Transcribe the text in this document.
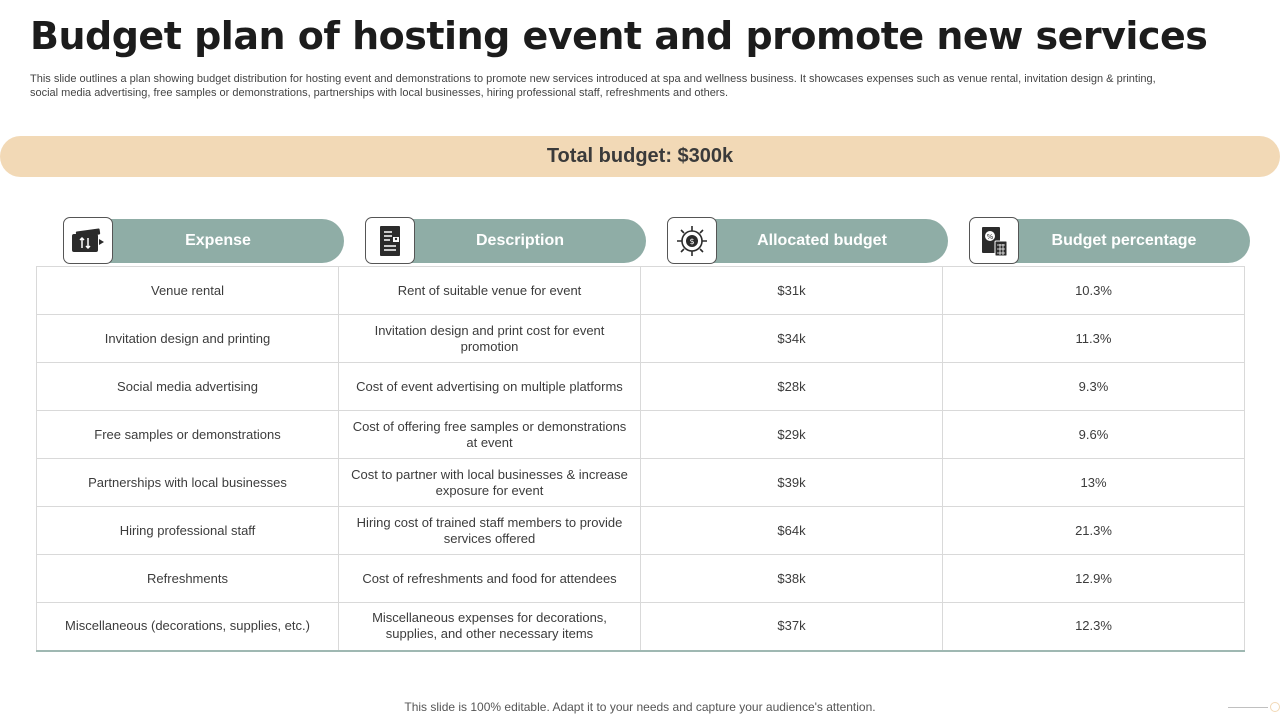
Budget plan of hosting event and promote new services

This slide outlines a plan showing budget distribution for hosting event and demonstrations to promote new services introduced at spa and wellness business. It showcases expenses such as venue rental, invitation design & printing, social media advertising, free samples or demonstrations, partnerships with local businesses, hiring professional staff, refreshments and others.

Total budget: $300k
Expense	Description	Allocated budget	Budget percentage
$	%
Venue rental	Rent of suitable venue for event	$31k	10.3%
Invitation design and printing	Invitation design and print cost for event promotion	$34k	11.3%
Social media advertising	Cost of event advertising on multiple platforms	$28k	9.3%
Free samples or demonstrations	Cost of offering free samples or demonstrations at event	$29k	9.6%
Partnerships with local businesses	Cost to partner with local businesses & increase exposure for event	$39k	13%
Hiring professional staff	Hiring cost of trained staff members to provide services offered	$64k	21.3%
Refreshments	Cost of refreshments and food for attendees	$38k	12.9%
Miscellaneous (decorations, supplies, etc.)	Miscellaneous expenses for decorations, supplies, and other necessary items	$37k	12.3%
This slide is 100% editable. Adapt it to your needs and capture your audience's attention.
